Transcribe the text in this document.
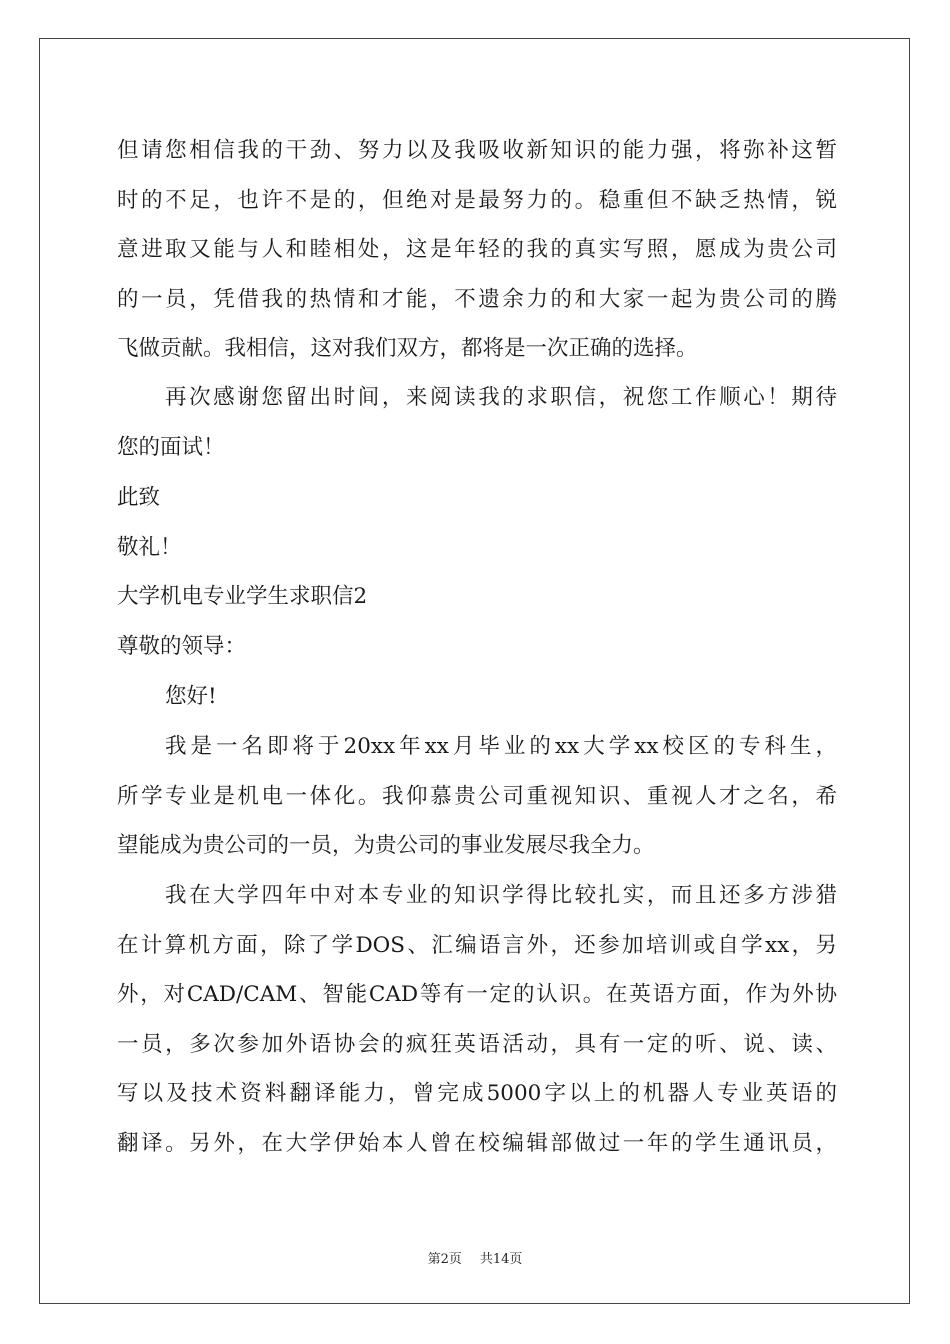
但请您相信我的干劲、努力以及我吸收新知识的能力强，将弥补这暂
时的不足，也许不是的，但绝对是最努力的。稳重但不缺乏热情，锐
意进取又能与人和睦相处，这是年轻的我的真实写照，愿成为贵公司
的一员，凭借我的热情和才能，不遗余力的和大家一起为贵公司的腾
飞做贡献。我相信，这对我们双方，都将是一次正确的选择。
再次感谢您留出时间，来阅读我的求职信，祝您工作顺心！期待
您的面试！
此致
敬礼！
大学机电专业学生求职信2
尊敬的领导：
您好!
我是一名即将于20xx年xx月毕业的xx大学xx校区的专科生，
所学专业是机电一体化。我仰慕贵公司重视知识、重视人才之名，希
望能成为贵公司的一员，为贵公司的事业发展尽我全力。
我在大学四年中对本专业的知识学得比较扎实，而且还多方涉猎
在计算机方面，除了学DOS、汇编语言外，还参加培训或自学xx，另
外，对CAD/CAM、智能CAD等有一定的认识。在英语方面，作为外协
一员，多次参加外语协会的疯狂英语活动，具有一定的听、说、读、
写以及技术资料翻译能力，曾完成5000字以上的机器人专业英语的
翻译。另外，在大学伊始本人曾在校编辑部做过一年的学生通讯员，
第2页 共14页
